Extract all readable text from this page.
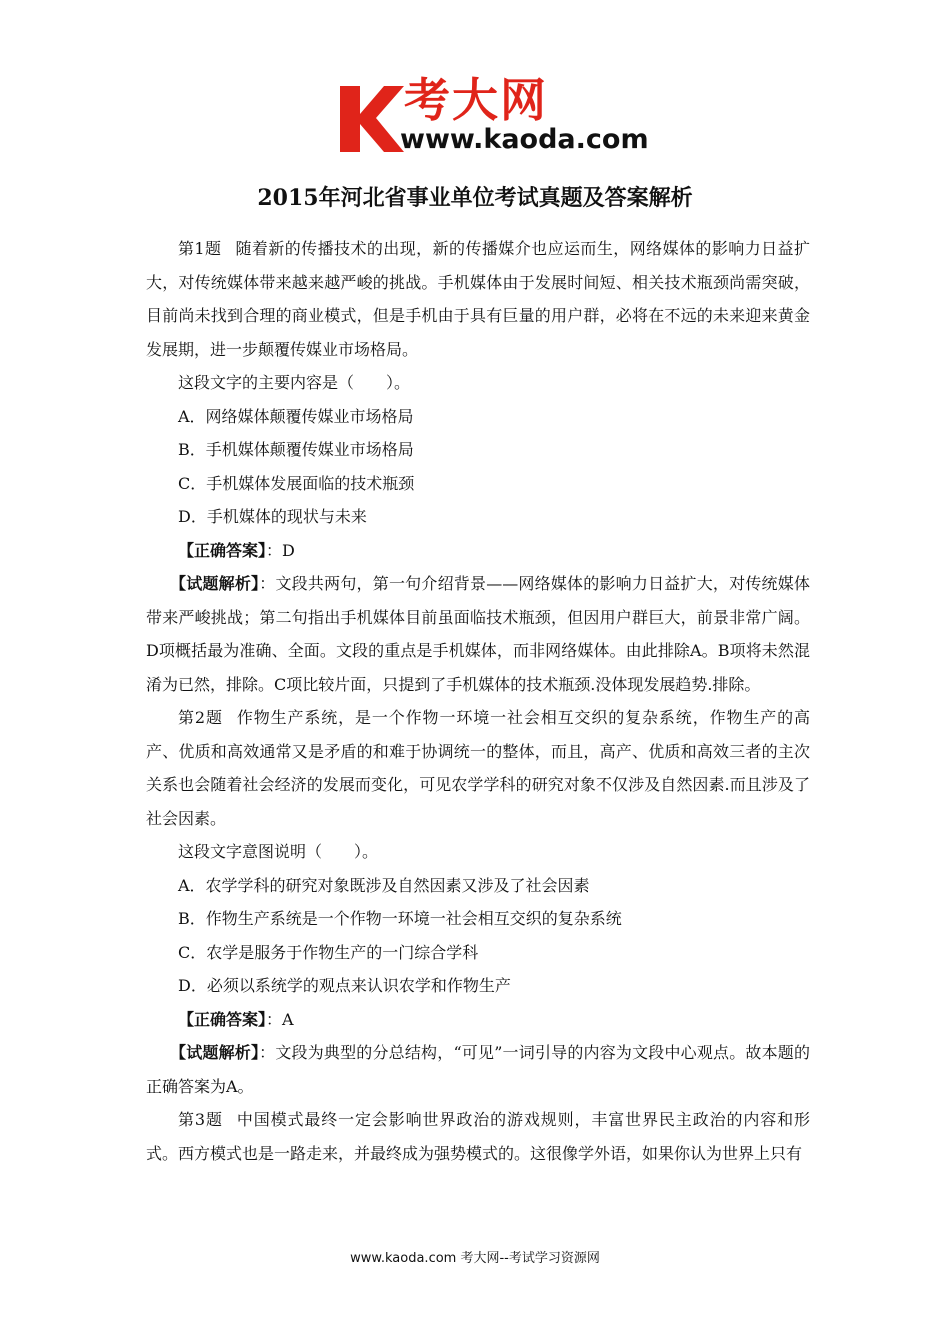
考大网
www.kaoda.com
2015年河北省事业单位考试真题及答案解析

第1题 随着新的传播技术的出现，新的传播媒介也应运而生，网络媒体的影响力日益扩大，对传统媒体带来越来越严峻的挑战。手机媒体由于发展时间短、相关技术瓶颈尚需突破，目前尚未找到合理的商业模式，但是手机由于具有巨量的用户群，必将在不远的未来迎来黄金发展期，进一步颠覆传媒业市场格局。

这段文字的主要内容是（　　）。

A．网络媒体颠覆传媒业市场格局

B．手机媒体颠覆传媒业市场格局

C．手机媒体发展面临的技术瓶颈

D．手机媒体的现状与未来

【正确答案】：D

【试题解析】：文段共两句，第一句介绍背景——网络媒体的影响力日益扩大，对传统媒体带来严峻挑战；第二句指出手机媒体目前虽面临技术瓶颈，但因用户群巨大，前景非常广阔。D项概括最为准确、全面。文段的重点是手机媒体，而非网络媒体。由此排除A。B项将未然混淆为已然，排除。C项比较片面，只提到了手机媒体的技术瓶颈.没体现发展趋势.排除。

第2题 作物生产系统，是一个作物一环境一社会相互交织的复杂系统，作物生产的高产、优质和高效通常又是矛盾的和难于协调统一的整体，而且，高产、优质和高效三者的主次关系也会随着社会经济的发展而变化，可见农学学科的研究对象不仅涉及自然因素.而且涉及了社会因素。

这段文字意图说明（　　）。

A．农学学科的研究对象既涉及自然因素又涉及了社会因素

B．作物生产系统是一个作物一环境一社会相互交织的复杂系统

C．农学是服务于作物生产的一门综合学科

D．必须以系统学的观点来认识农学和作物生产

【正确答案】：A

【试题解析】：文段为典型的分总结构，“可见”一词引导的内容为文段中心观点。故本题的正确答案为A。

第3题 中国模式最终一定会影响世界政治的游戏规则，丰富世界民主政治的内容和形式。西方模式也是一路走来，并最终成为强势模式的。这很像学外语，如果你认为世界上只有

www.kaoda.com 考大网--考试学习资源网
